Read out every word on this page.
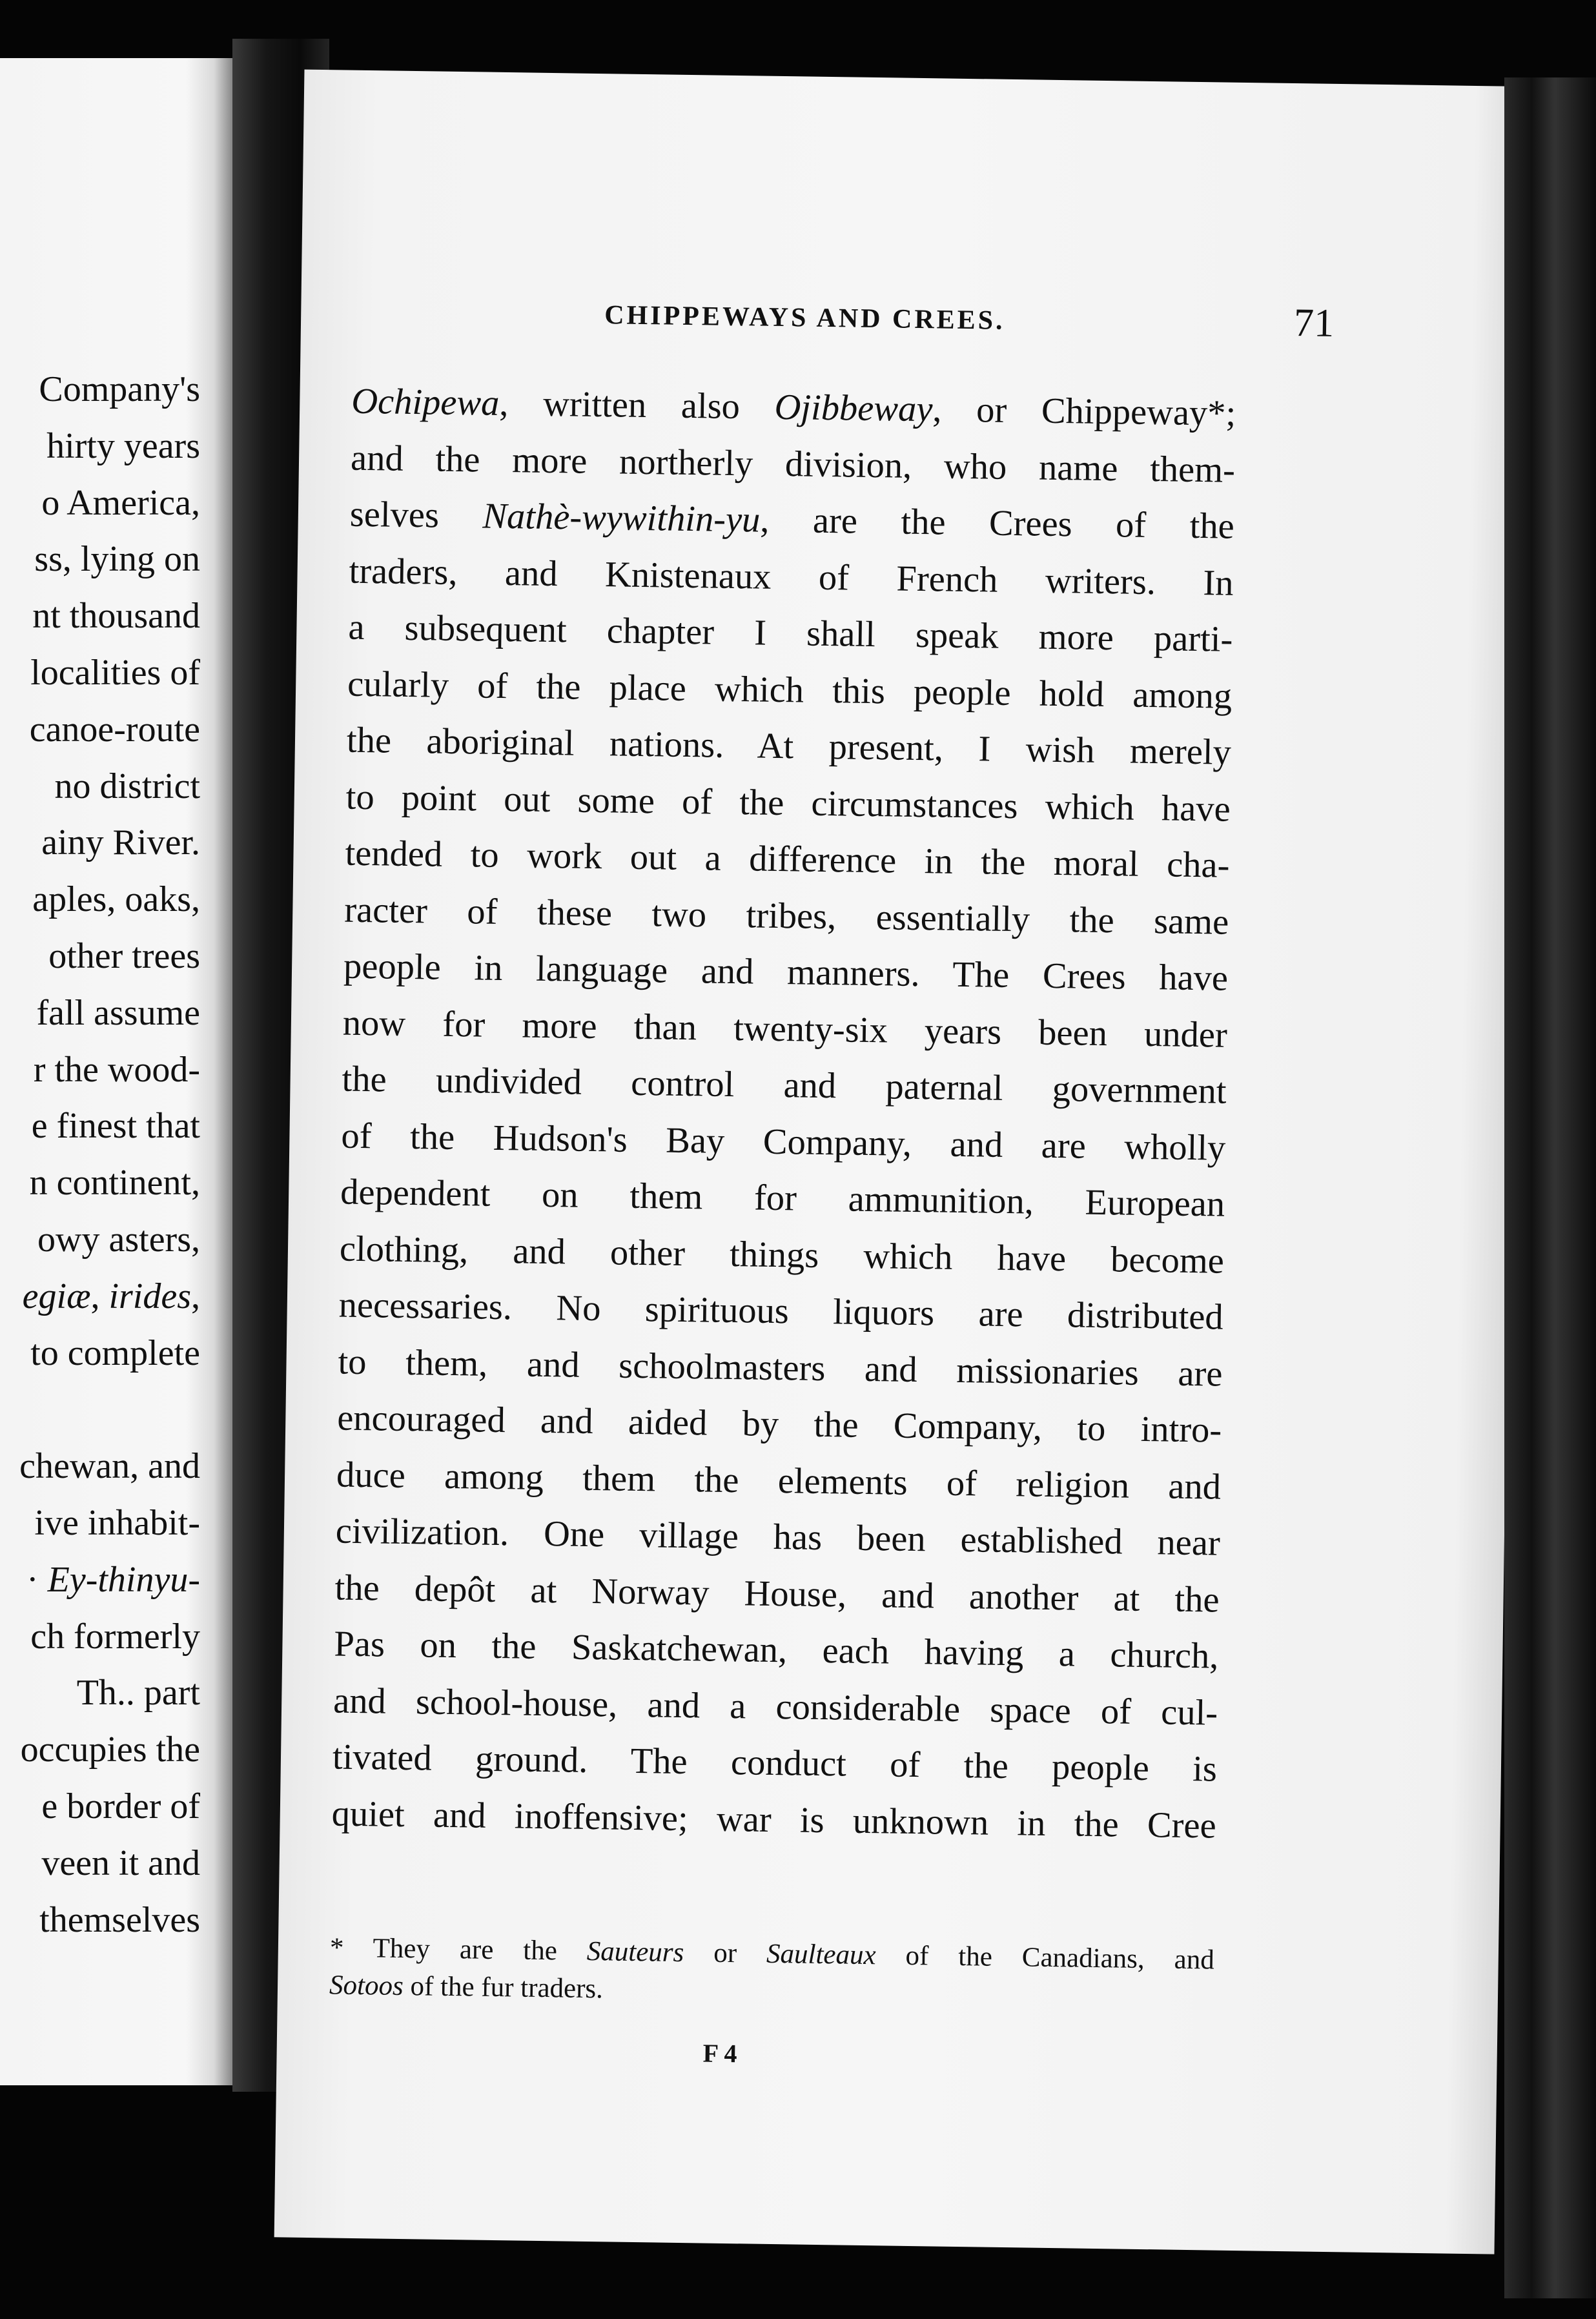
Company's
hirty years
o America,
ss, lying on
nt thousand
localities of
canoe-route
no district
ainy River.
aples, oaks,
other trees
fall assume
r the wood-
e finest that
n continent,
owy asters,
egiæ, irides,
to complete
chewan, and
ive inhabit-
· Ey-thinyu-
ch formerly
Th.. part
occupies the
e border of
veen it and
themselves
CHIPPEWAYS AND CREES.	71
Ochipewa, written also Ojibbeway, or Chippeway*;
and the more northerly division, who name them-
selves Nathè-wywithin-yu, are the Crees of the
traders, and Knistenaux of French writers. In
a subsequent chapter I shall speak more parti-
cularly of the place which this people hold among
the aboriginal nations. At present, I wish merely
to point out some of the circumstances which have
tended to work out a difference in the moral cha-
racter of these two tribes, essentially the same
people in language and manners. The Crees have
now for more than twenty-six years been under
the undivided control and paternal government
of the Hudson's Bay Company, and are wholly
dependent on them for ammunition, European
clothing, and other things which have become
necessaries. No spirituous liquors are distributed
to them, and schoolmasters and missionaries are
encouraged and aided by the Company, to intro-
duce among them the elements of religion and
civilization. One village has been established near
the depôt at Norway House, and another at the
Pas on the Saskatchewan, each having a church,
and school-house, and a considerable space of cul-
tivated ground. The conduct of the people is
quiet and inoffensive; war is unknown in the Cree
* They are the Sauteurs or Saulteaux of the Canadians, and
Sotoos of the fur traders.
F 4
